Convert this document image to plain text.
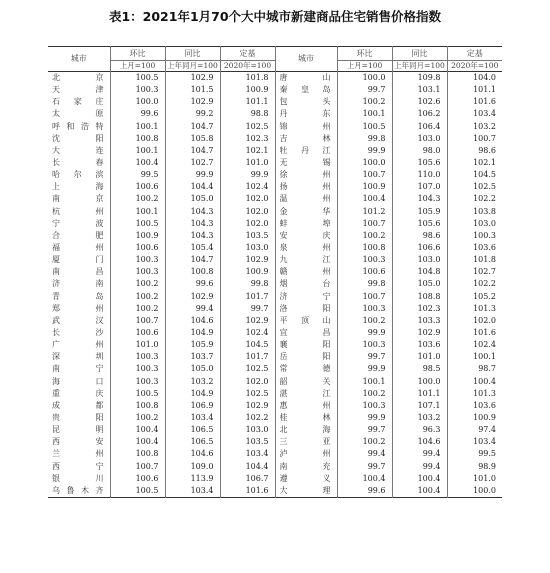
表1：2021年1月70个大中城市新建商品住宅销售价格指数
城市	环比	同比	定基	城市	环比	同比	定基
	上月=100	上年同月=100	2020年=100		上月=100	上年同月=100	2020年=100
北京	100.5	102.9	101.8	唐山	100.0	109.8	104.0
天津	100.3	101.5	100.9	秦皇岛	99.7	103.1	101.1
石家庄	100.0	102.9	101.1	包头	100.2	102.6	101.6
太原	99.6	99.2	98.8	丹东	100.1	106.2	103.4
呼和浩特	100.1	104.7	102.5	锦州	100.5	106.4	103.2
沈阳	100.8	105.8	102.3	吉林	99.8	103.0	100.7
大连	100.1	104.7	102.1	牡丹江	99.9	98.0	98.6
长春	100.4	102.7	101.0	无锡	100.0	105.6	102.1
哈尔滨	99.5	99.9	99.9	徐州	100.7	110.0	104.5
上海	100.6	104.4	102.4	扬州	100.9	107.0	102.5
南京	100.2	105.0	102.0	温州	100.4	104.3	102.2
杭州	100.1	104.3	102.0	金华	101.2	105.9	103.8
宁波	100.5	104.3	102.0	蚌埠	100.7	105.6	103.0
合肥	100.9	104.3	103.5	安庆	100.2	98.6	100.3
福州	100.6	105.4	103.0	泉州	100.8	106.6	103.6
厦门	100.3	104.7	102.9	九江	100.3	103.0	101.8
南昌	100.3	100.8	100.9	赣州	100.6	104.8	102.7
济南	100.2	99.6	99.8	烟台	99.8	105.0	102.2
青岛	100.2	102.9	101.7	济宁	100.7	108.8	105.2
郑州	100.2	99.4	99.7	洛阳	100.3	102.3	101.3
武汉	100.7	104.6	102.9	平顶山	100.2	103.3	102.0
长沙	100.6	104.9	102.4	宜昌	99.9	102.9	101.6
广州	101.0	105.9	104.5	襄阳	100.3	103.6	102.4
深圳	100.3	103.7	101.7	岳阳	99.7	101.0	100.1
南宁	100.3	105.0	102.5	常德	99.9	98.5	98.7
海口	100.3	103.2	102.0	韶关	100.1	100.0	100.4
重庆	100.5	104.9	102.5	湛江	100.2	101.1	101.3
成都	100.8	106.9	102.9	惠州	100.3	107.1	103.6
贵阳	100.2	103.4	102.2	桂林	99.9	103.2	100.9
昆明	100.4	106.5	103.0	北海	99.7	96.3	97.4
西安	100.4	106.5	103.5	三亚	100.2	104.6	103.4
兰州	100.8	104.6	103.4	泸州	99.4	99.4	99.5
西宁	100.7	109.0	104.4	南充	99.7	99.4	98.9
银川	100.6	113.9	106.7	遵义	100.4	100.4	101.0
乌鲁木齐	100.5	103.4	101.6	大理	99.6	100.4	100.0
